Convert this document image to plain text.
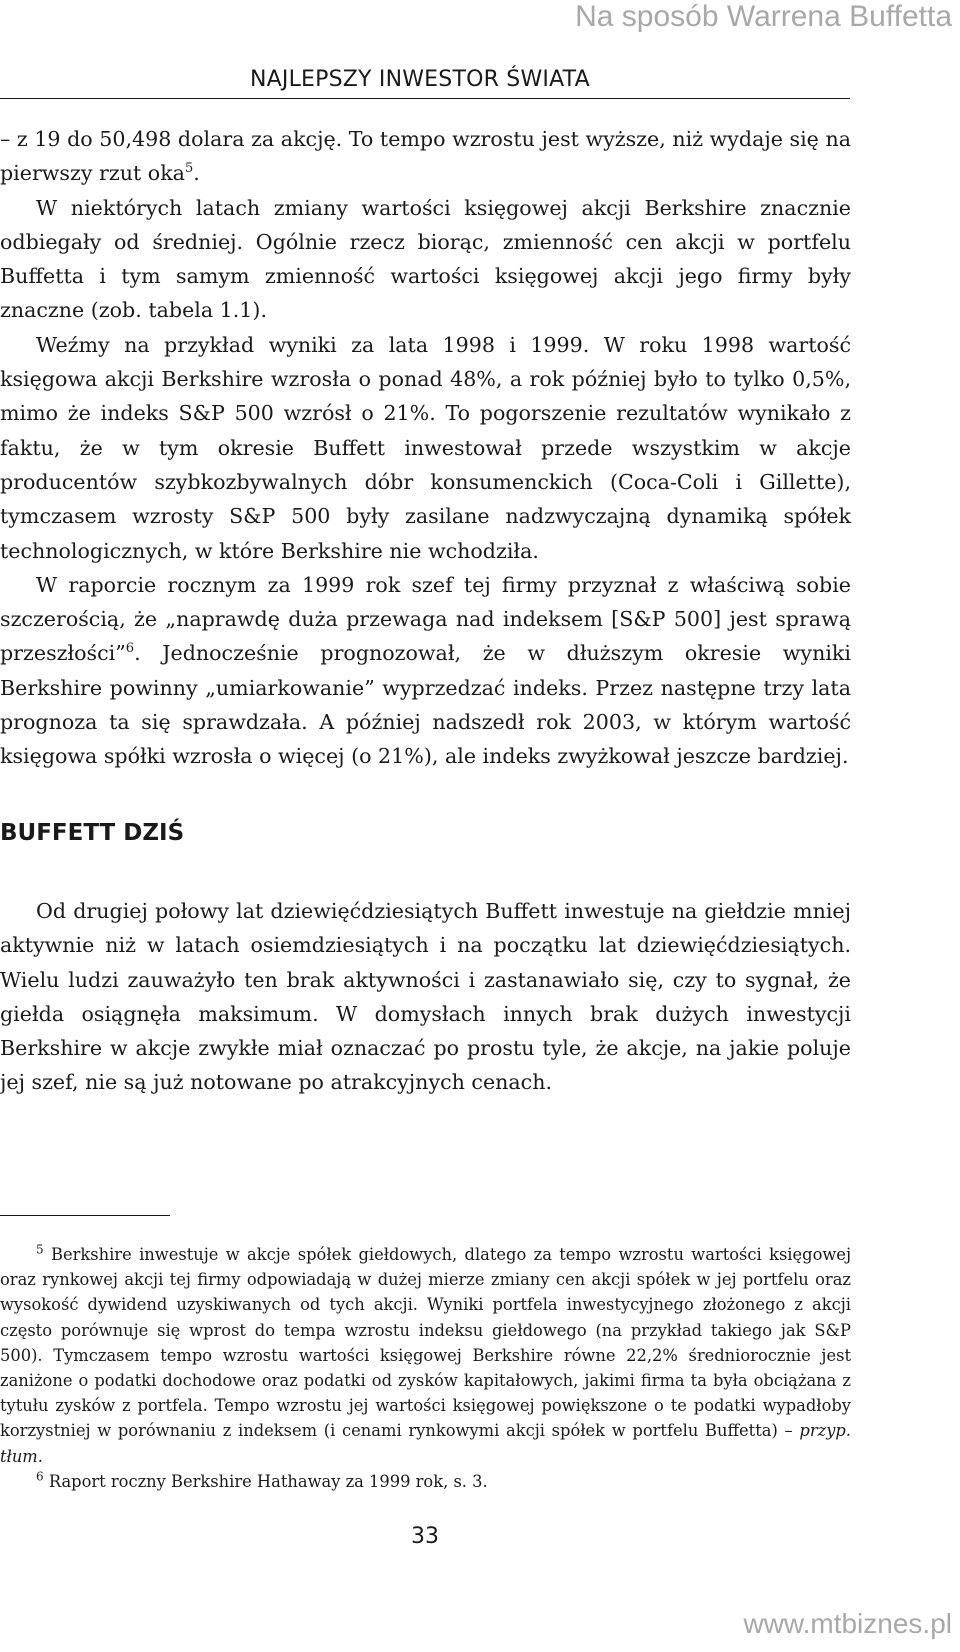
Na sposób Warrena Buffetta
NAJLEPSZY INWESTOR ŚWIATA

– z 19 do 50,498 dolara za akcję. To tempo wzrostu jest wyższe, niż wydaje się na pierwszy rzut oka$^5$.

W niektórych latach zmiany wartości księgowej akcji Berkshire znacznie odbiegały od średniej. Ogólnie rzecz biorąc, zmienność cen akcji w portfelu Buffetta i tym samym zmienność wartości księgowej akcji jego firmy były znaczne (zob. tabela 1.1).

Weźmy na przykład wyniki za lata 1998 i 1999. W roku 1998 wartość księgowa akcji Berkshire wzrosła o ponad 48%, a rok później było to tylko 0,5%, mimo że indeks S&P 500 wzrósł o 21%. To pogorszenie rezultatów wynikało z faktu, że w tym okresie Buffett inwestował przede wszystkim w akcje producentów szybkozbywalnych dóbr konsumenckich (Coca-Coli i Gillette), tymczasem wzrosty S&P 500 były zasilane nadzwyczajną dynamiką spółek technologicznych, w które Berkshire nie wchodziła.

W raporcie rocznym za 1999 rok szef tej firmy przyznał z właściwą sobie szczerością, że „naprawdę duża przewaga nad indeksem [S&P 500] jest sprawą przeszłości”$^6$. Jednocześnie prognozował, że w dłuższym okresie wyniki Berkshire powinny „umiarkowanie” wyprzedzać indeks. Przez następne trzy lata prognoza ta się sprawdzała. A później nadszedł rok 2003, w którym wartość księgowa spółki wzrosła o więcej (o 21%), ale indeks zwyżkował jeszcze bardziej.

BUFFETT DZIŚ

Od drugiej połowy lat dziewięćdziesiątych Buffett inwestuje na giełdzie mniej aktywnie niż w latach osiemdziesiątych i na początku lat dziewięćdziesiątych. Wielu ludzi zauważyło ten brak aktywności i zastanawiało się, czy to sygnał, że giełda osiągnęła maksimum. W domysłach innych brak dużych inwestycji Berkshire w akcje zwykłe miał oznaczać po prostu tyle, że akcje, na jakie poluje jej szef, nie są już notowane po atrakcyjnych cenach.

$^5$ Berkshire inwestuje w akcje spółek giełdowych, dlatego za tempo wzrostu wartości księgowej oraz rynkowej akcji tej firmy odpowiadają w dużej mierze zmiany cen akcji spółek w jej portfelu oraz wysokość dywidend uzyskiwanych od tych akcji. Wyniki portfela inwestycyjnego złożonego z akcji często porównuje się wprost do tempa wzrostu indeksu giełdowego (na przykład takiego jak S&P 500). Tymczasem tempo wzrostu wartości księgowej Berkshire równe 22,2% średniorocznie jest zaniżone o podatki dochodowe oraz podatki od zysków kapitałowych, jakimi firma ta była obciążana z tytułu zysków z portfela. Tempo wzrostu jej wartości księgowej powiększone o te podatki wypadłoby korzystniej w porównaniu z indeksem (i cenami rynkowymi akcji spółek w portfelu Buffetta) – przyp. tłum.

$^6$ Raport roczny Berkshire Hathaway za 1999 rok, s. 3.

33
www.mtbiznes.pl
